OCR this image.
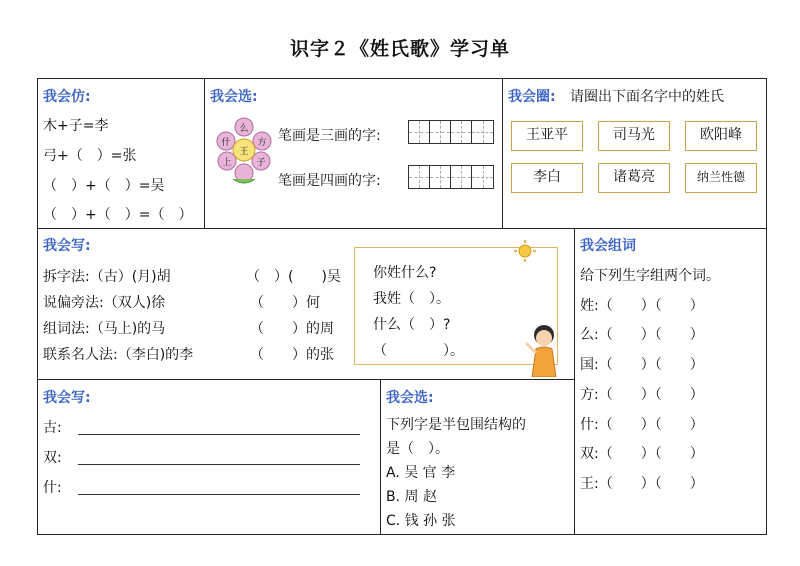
识字２《姓氏歌》学习单
我会仿:
木+子=李
弓+（　）=张
（　）+（　）=吴
（　）+（　）=（　）
我会选:
么
什
王
方
上	子
笔画是三画的字:
笔画是四画的字:
我会圈: 请圈出下面名字中的姓氏
王亚平	司马光	欧阳峰
李白	诸葛亮	纳兰性德
我会写:
拆字法:（古）(月)胡	（　）(　　)吴
说偏旁法:（双人)徐	（　　）何
组词法:（马上)的马	（　　）的周
联系名人法:（李白)的李	（　　）的张
你姓什么?
我姓（　）。
什么（　）?
（　　　　）。
我会组词
给下列生字组两个词。
姓:（　　）（　　）
么:（　　）（　　）
国:（　　）（　　）
方:（　　）（　　）
什:（　　）（　　）
双:（　　）（　　）
王:（　　）（　　）
我会写:
古:
双:
什:
我会选:
下列字是半包围结构的
是（　）。
A. 吴 官 李
B. 周 赵
C. 钱 孙 张
